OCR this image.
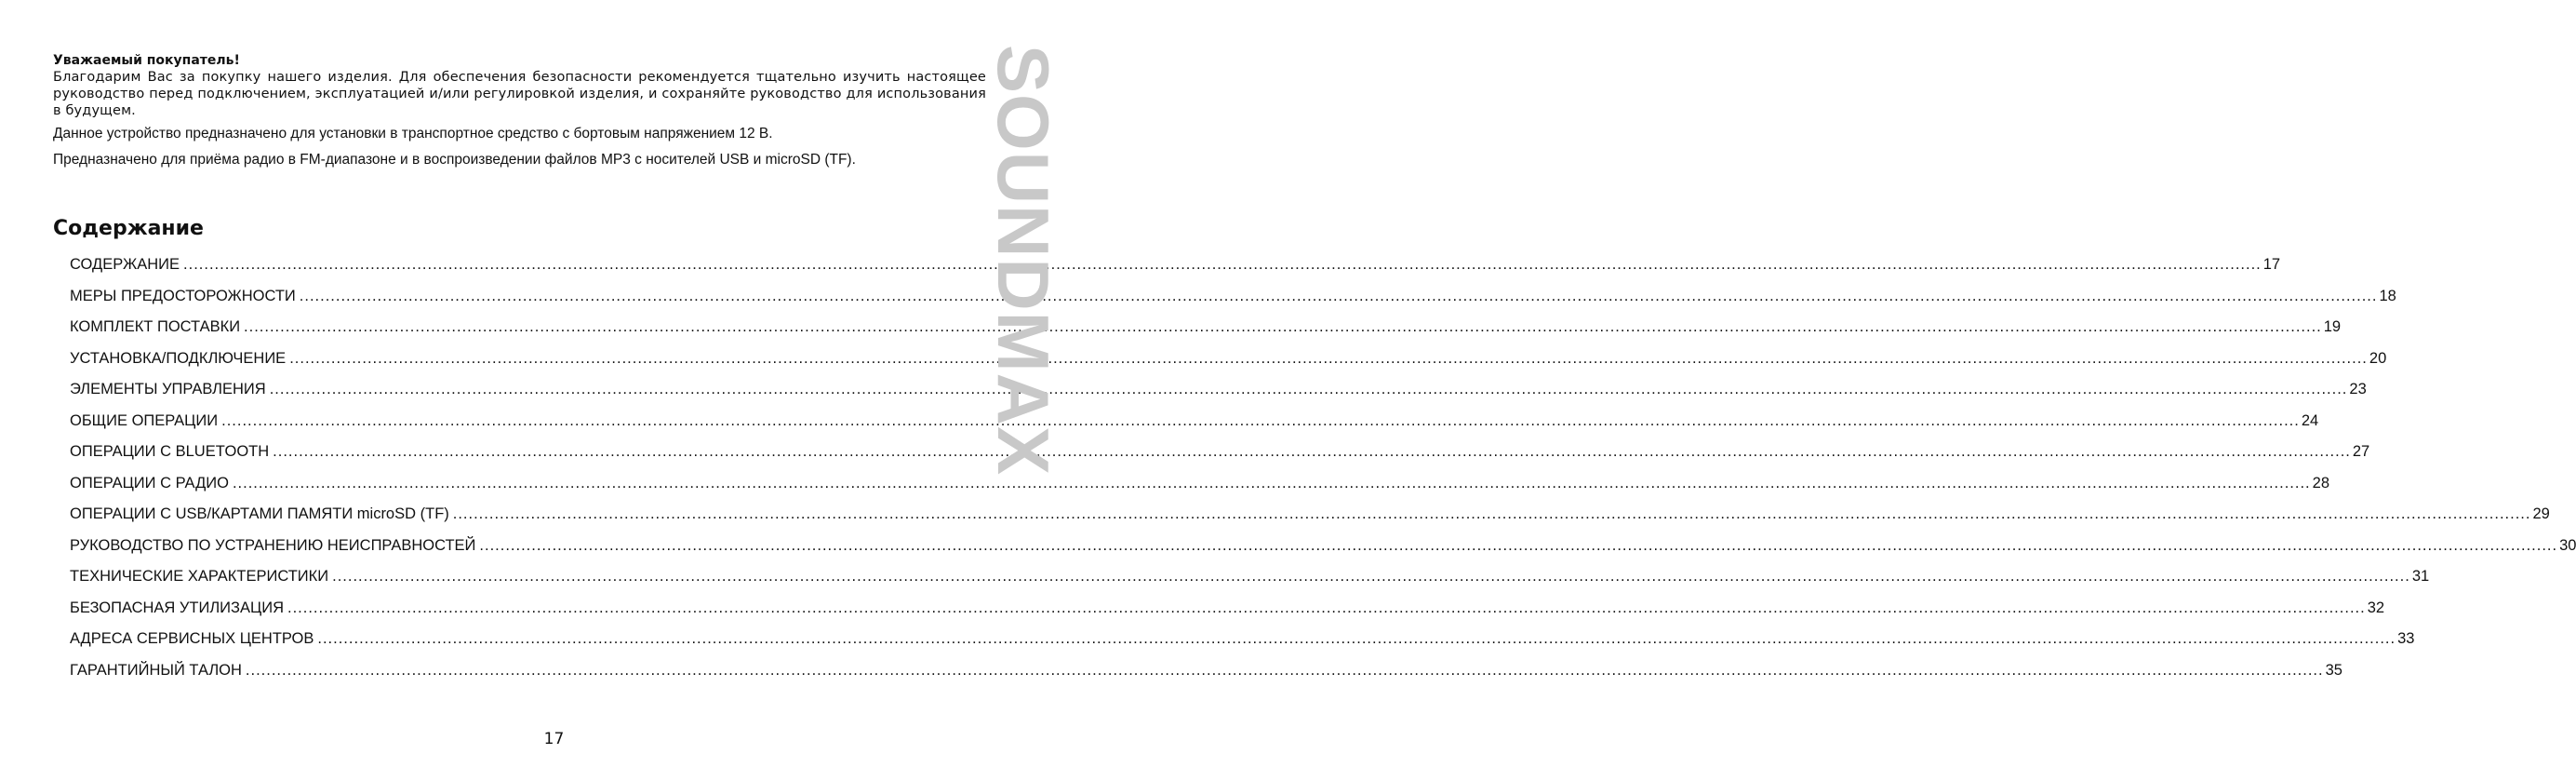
Уважаемый покупатель!

Благодарим Вас за покупку нашего изделия. Для обеспечения безопасности рекомендуется тщательно изучить настоящее руководство перед подключением, эксплуатацией и/или регулировкой изделия, и сохраняйте руководство для использования в будущем.

Данное устройство предназначено для установки в транспортное средство с бортовым напряжением 12 В.

Предназначено для приёма радио в FM-диапазоне и в воспроизведении файлов MP3 с носителей USB и microSD (TF).

Содержание
СОДЕРЖАНИЕ ................................................................................................................................................................................................................................................................................................................................................................................................................ 17
МЕРЫ ПРЕДОСТОРОЖНОСТИ ................................................................................................................................................................................................................................................................................................................................................................................................................ 18
КОМПЛЕКТ ПОСТАВКИ ................................................................................................................................................................................................................................................................................................................................................................................................................ 19
УСТАНОВКА/ПОДКЛЮЧЕНИЕ ................................................................................................................................................................................................................................................................................................................................................................................................................ 20
ЭЛЕМЕНТЫ УПРАВЛЕНИЯ ................................................................................................................................................................................................................................................................................................................................................................................................................ 23
ОБЩИЕ ОПЕРАЦИИ ................................................................................................................................................................................................................................................................................................................................................................................................................ 24
ОПЕРАЦИИ С BLUETOOTH ................................................................................................................................................................................................................................................................................................................................................................................................................ 27
ОПЕРАЦИИ С РАДИО ................................................................................................................................................................................................................................................................................................................................................................................................................ 28
ОПЕРАЦИИ С USB/КАРТАМИ ПАМЯТИ microSD (TF) ................................................................................................................................................................................................................................................................................................................................................................................................................ 29
РУКОВОДСТВО ПО УСТРАНЕНИЮ НЕИСПРАВНОСТЕЙ ................................................................................................................................................................................................................................................................................................................................................................................................................ 30
ТЕХНИЧЕСКИЕ ХАРАКТЕРИСТИКИ ................................................................................................................................................................................................................................................................................................................................................................................................................ 31
БЕЗОПАСНАЯ УТИЛИЗАЦИЯ ................................................................................................................................................................................................................................................................................................................................................................................................................ 32
АДРЕСА СЕРВИСНЫХ ЦЕНТРОВ ................................................................................................................................................................................................................................................................................................................................................................................................................ 33
ГАРАНТИЙНЫЙ ТАЛОН ................................................................................................................................................................................................................................................................................................................................................................................................................ 35
17
SOUNDMAX
